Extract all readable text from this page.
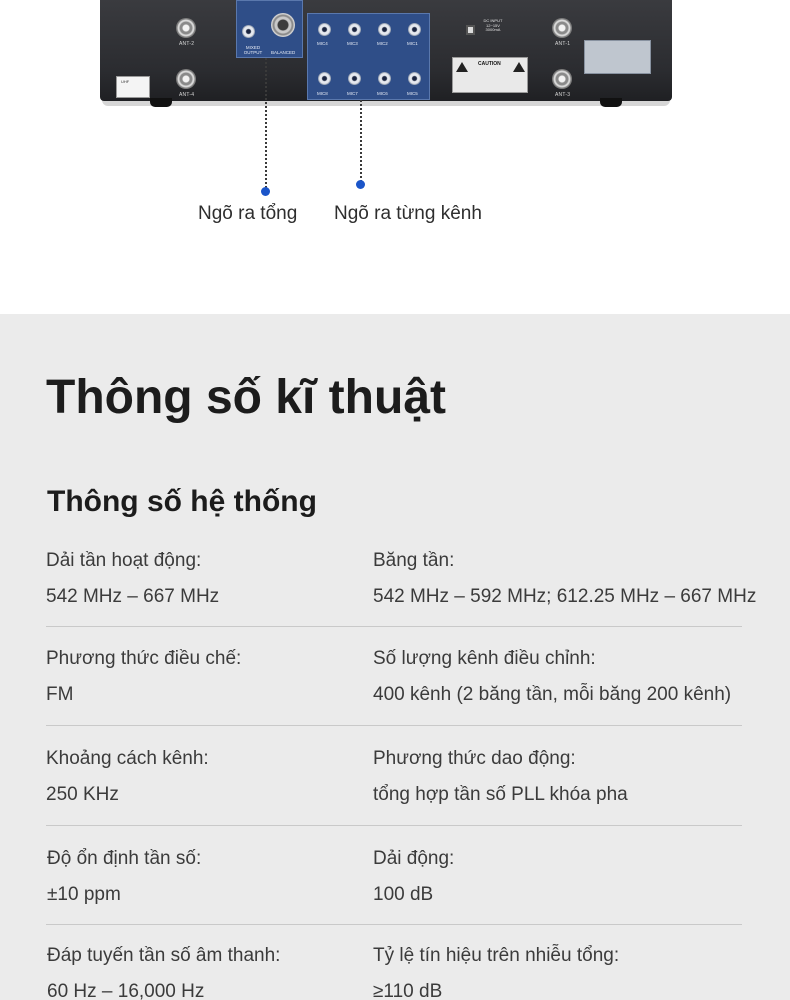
ANT-2
ANT-4
UHF
MIXED
OUTPUT	BALANCED
MIC4	MIC3	MIC2	MIC1
MIC8	MIC7	MIC6	MIC5
DC INPUT
12~15V
3000mA
CAUTION
ANT-1
ANT-3
Ngõ ra tổng Ngõ ra từng kênh
Thông số kĩ thuật
Thông số hệ thống
Dải tần hoạt động:
542 MHz – 667 MHz
Băng tần:
542 MHz – 592 MHz; 612.25 MHz – 667 MHz
Phương thức điều chế:
FM
Số lượng kênh điều chỉnh:
400 kênh (2 băng tần, mỗi băng 200 kênh)
Khoảng cách kênh:
250 KHz
Phương thức dao động:
tổng hợp tần số PLL khóa pha
Độ ổn định tần số:
±10 ppm
Dải động:
100 dB
Đáp tuyến tần số âm thanh:
60 Hz – 16,000 Hz
Tỷ lệ tín hiệu trên nhiễu tổng:
≥110 dB
